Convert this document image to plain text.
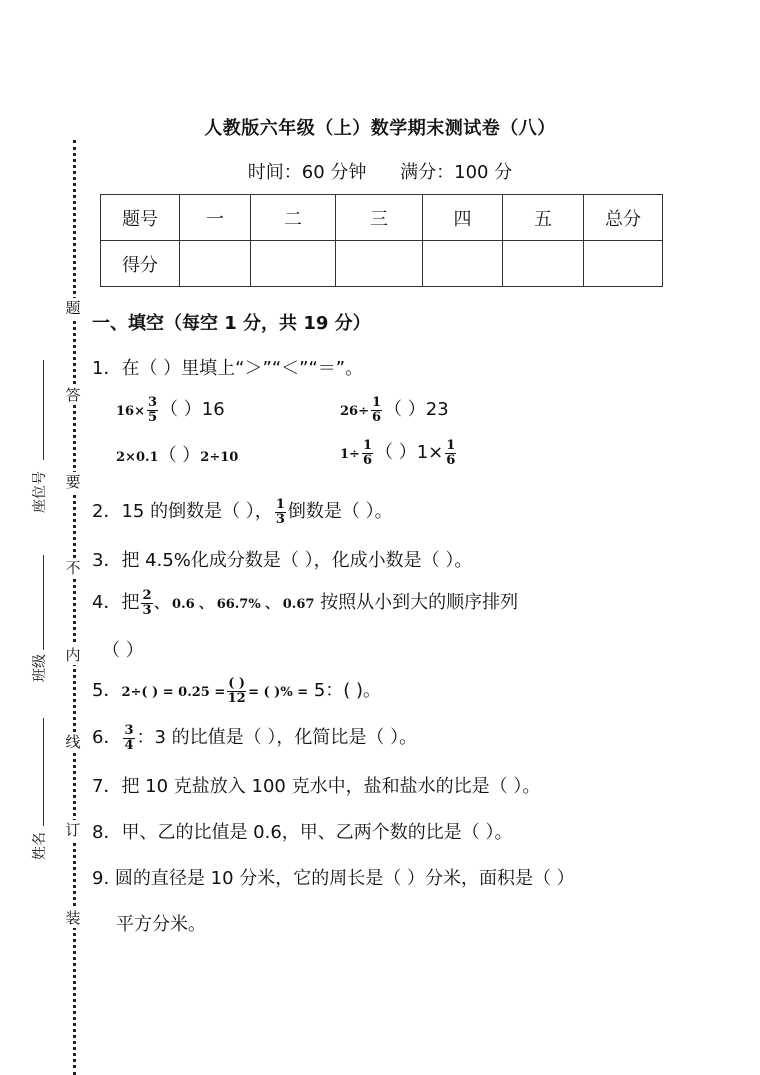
题
答
要
不
内
线
订
装
座位号
班级
姓名
人教版六年级（上）数学期末测试卷（八）
时间：60 分钟 满分：100 分
题号	一	二	三	四	五	总分
得分						
一、填空（每空 1 分，共 19 分）
1．在（ ）里填上“＞”“＜”“＝”。
$16\times \frac{3}{5}$ （ ）16	$26\div \frac{1}{6}$ （ ）23
2×0.1（ ）2÷10	$1\div \frac{1}{6}$ （ ）$1\times \frac{1}{6}$
2．15 的倒数是（ ）， $\frac{1}{3}$ 倒数是（ ）。
3．把 4.5%化成分数是（ ），化成小数是（ ）。
4．把 $\frac{2}{3}$ 、 0.6 、 66.7% 、 0.67 按照从小到大的顺序排列
（ ）
5．2÷( ) = $0.25 = \frac{( )}{12}$ = ( )% = 5：( )。
6． $\frac{3}{4}$ ：3 的比值是（ ），化简比是（ ）。
7．把 10 克盐放入 100 克水中，盐和盐水的比是（ ）。
8．甲、乙的比值是 0.6，甲、乙两个数的比是（ ）。
9. 圆的直径是 10 分米，它的周长是（ ）分米，面积是（ ）
平方分米。
